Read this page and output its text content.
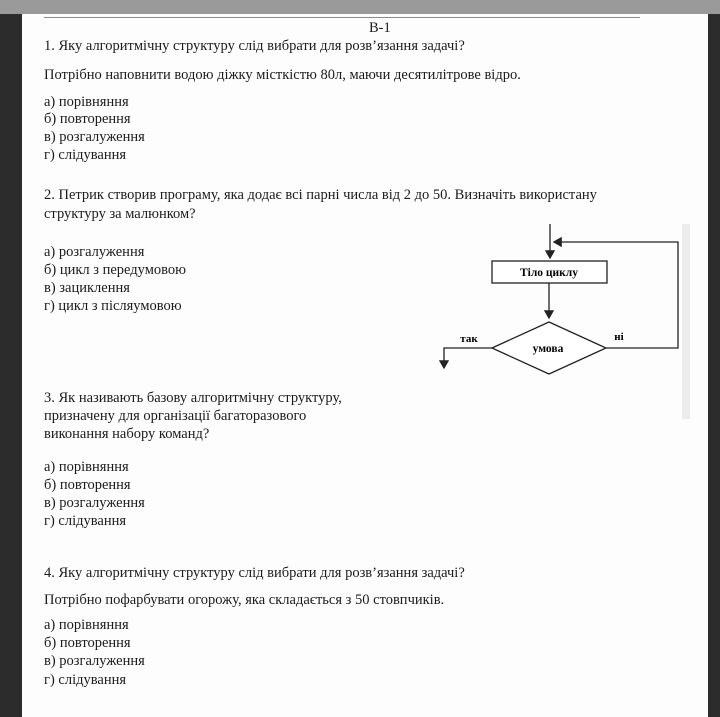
В-1
1. Яку алгоритмічну структуру слід вибрати для розв’язання задачі?
Потрібно наповнити водою діжку місткістю 80л, маючи десятилітрове відро.
а) порівняння
б) повторення
в) розгалуження
г) слідування
2. Петрик створив програму, яка додає всі парні числа від 2 до 50. Визначіть використану
структуру за малюнком?
а) розгалуження
б) цикл з передумовою
в) зациклення
г) цикл з післяумовою
Тіло циклу
умова
так	ні
3. Як називають базову алгоритмічну структуру,
призначену для організації багаторазового
виконання набору команд?
а) порівняння
б) повторення
в) розгалуження
г) слідування
4. Яку алгоритмічну структуру слід вибрати для розв’язання задачі?
Потрібно пофарбувати огорожу, яка складається з 50 стовпчиків.
а) порівняння
б) повторення
в) розгалуження
г) слідування
